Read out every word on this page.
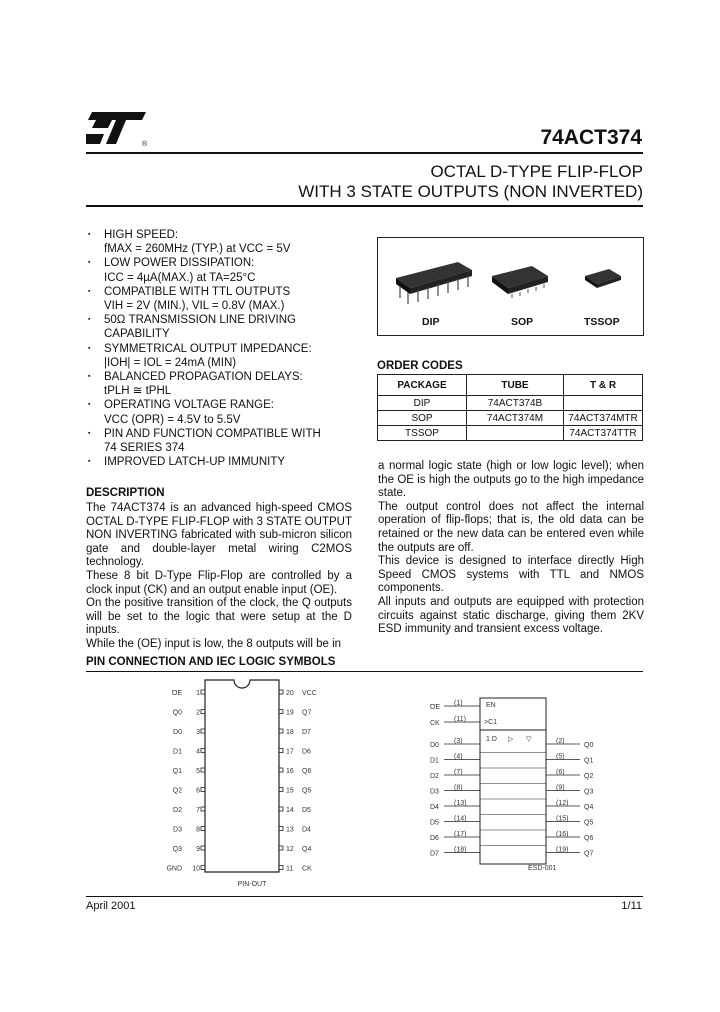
®	74ACT374
OCTAL D-TYPE FLIP-FLOP
WITH 3 STATE OUTPUTS (NON INVERTED)
▪ HIGH SPEED:
fMAX = 260MHz (TYP.) at VCC = 5V
▪ LOW POWER DISSIPATION:
ICC = 4µA(MAX.) at TA=25°C
▪ COMPATIBLE WITH TTL OUTPUTS
VIH = 2V (MIN.), VIL = 0.8V (MAX.)
▪ 50Ω TRANSMISSION LINE DRIVING
CAPABILITY
▪ SYMMETRICAL OUTPUT IMPEDANCE:
|IOH| = IOL = 24mA (MIN)
▪ BALANCED PROPAGATION DELAYS:
tPLH ≅ tPHL
▪ OPERATING VOLTAGE RANGE:
VCC (OPR) = 4.5V to 5.5V
▪ PIN AND FUNCTION COMPATIBLE WITH
74 SERIES 374
▪ IMPROVED LATCH-UP IMMUNITY
DIP	SOP	TSSOP
ORDER CODES
PACKAGE	TUBE	T & R
DIP	74ACT374B	
SOP	74ACT374M	74ACT374MTR
TSSOP		74ACT374TTR
DESCRIPTION
The 74ACT374 is an advanced high-speed CMOS OCTAL D-TYPE FLIP-FLOP with 3 STATE OUTPUT NON INVERTING fabricated with sub-micron silicon gate and double-layer metal wiring C2MOS technology.
These 8 bit D-Type Flip-Flop are controlled by a clock input (CK) and an output enable input (OE).
On the positive transition of the clock, the Q outputs will be set to the logic that were setup at the D inputs.
While the (OE) input is low, the 8 outputs will be in
a normal logic state (high or low logic level); when the OE is high the outputs go to the high impedance state.
The output control does not affect the internal operation of flip-flops; that is, the old data can be retained or the new data can be entered even while the outputs are off.
This device is designed to interface directly High Speed CMOS systems with TTL and NMOS components.
All inputs and outputs are equipped with protection circuits against static discharge, giving them 2KV ESD immunity and transient excess voltage.
PIN CONNECTION AND IEC LOGIC SYMBOLS
OE 1
Q0 2
D0 3
D1 4
Q1 5
Q2 6
D2 7
D3 8
Q3 9
GND 10
20 VCC
19 Q7
18 D7
17 D6
16 Q6
15 Q5
14 D5
13 D4
12 Q4
11 CK
PIN-OUT
EN
>C1
1 D ▷ ▽
OE
(1)
CK
(11)
D0
(3)
D1
(4)
D2
(7)
D3
(8)
D4
(13)
D5
(14)
D6
(17)
D7
(18)
(2)
Q0
(5)
Q1
(6)
Q2
(9)
Q3
(12)
Q4
(15)
Q5
(16)
Q6
(19)
Q7
ESD-001
April 2001	1/11
